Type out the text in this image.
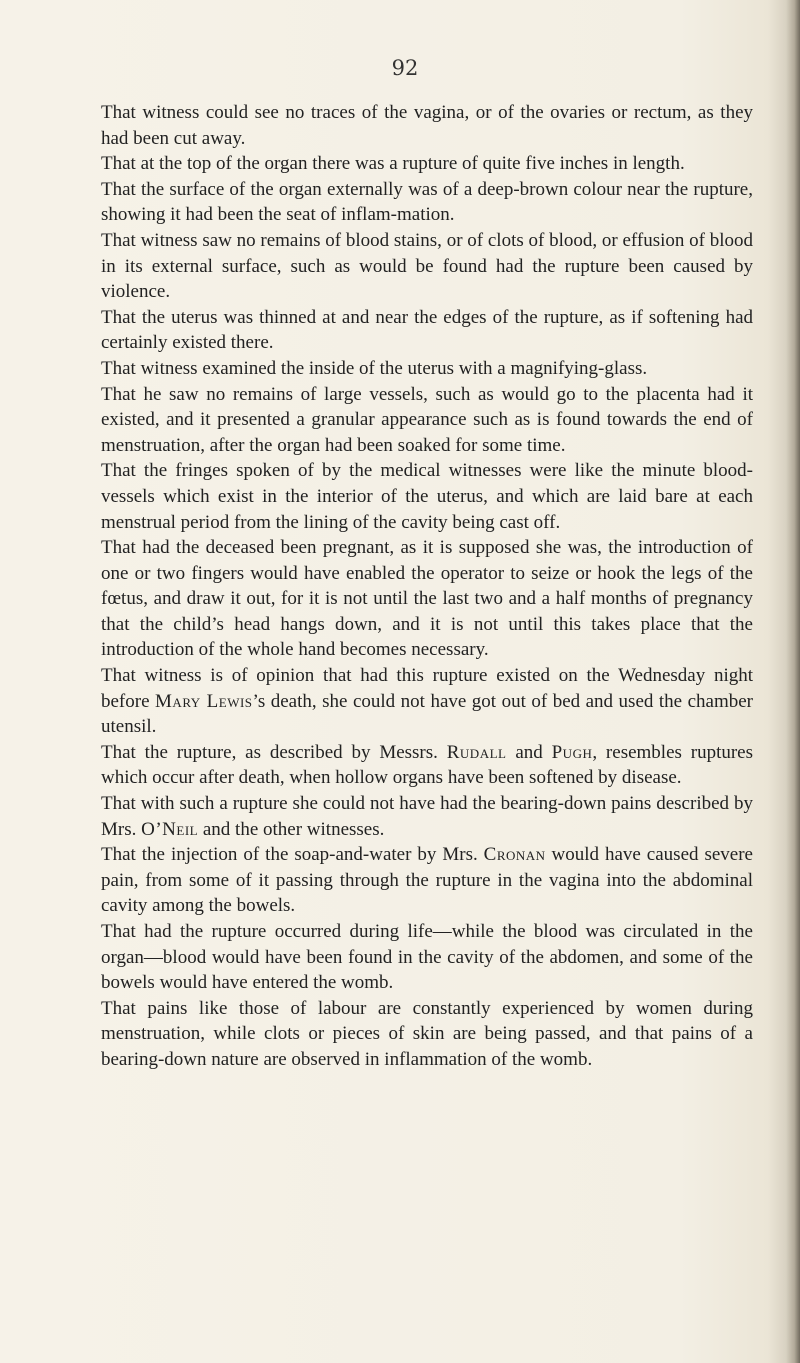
92

That witness could see no traces of the vagina, or of the ovaries or rectum, as they had been cut away.

That at the top of the organ there was a rupture of quite five inches in length.

That the surface of the organ externally was of a deep-brown colour near the rupture, showing it had been the seat of inflam-mation.

That witness saw no remains of blood stains, or of clots of blood, or effusion of blood in its external surface, such as would be found had the rupture been caused by violence.

That the uterus was thinned at and near the edges of the rupture, as if softening had certainly existed there.

That witness examined the inside of the uterus with a magnifying-glass.

That he saw no remains of large vessels, such as would go to the placenta had it existed, and it presented a granular appearance such as is found towards the end of menstruation, after the organ had been soaked for some time.

That the fringes spoken of by the medical witnesses were like the minute blood-vessels which exist in the interior of the uterus, and which are laid bare at each menstrual period from the lining of the cavity being cast off.

That had the deceased been pregnant, as it is supposed she was, the introduction of one or two fingers would have enabled the operator to seize or hook the legs of the fœtus, and draw it out, for it is not until the last two and a half months of pregnancy that the child’s head hangs down, and it is not until this takes place that the introduction of the whole hand becomes necessary.

That witness is of opinion that had this rupture existed on the Wednesday night before Mary Lewis’s death, she could not have got out of bed and used the chamber utensil.

That the rupture, as described by Messrs. Rudall and Pugh, resembles ruptures which occur after death, when hollow organs have been softened by disease.

That with such a rupture she could not have had the bearing-down pains described by Mrs. O’Neil and the other witnesses.

That the injection of the soap-and-water by Mrs. Cronan would have caused severe pain, from some of it passing through the rupture in the vagina into the abdominal cavity among the bowels.

That had the rupture occurred during life—while the blood was circulated in the organ—blood would have been found in the cavity of the abdomen, and some of the bowels would have entered the womb.

That pains like those of labour are constantly experienced by women during menstruation, while clots or pieces of skin are being passed, and that pains of a bearing-down nature are observed in inflammation of the womb.
